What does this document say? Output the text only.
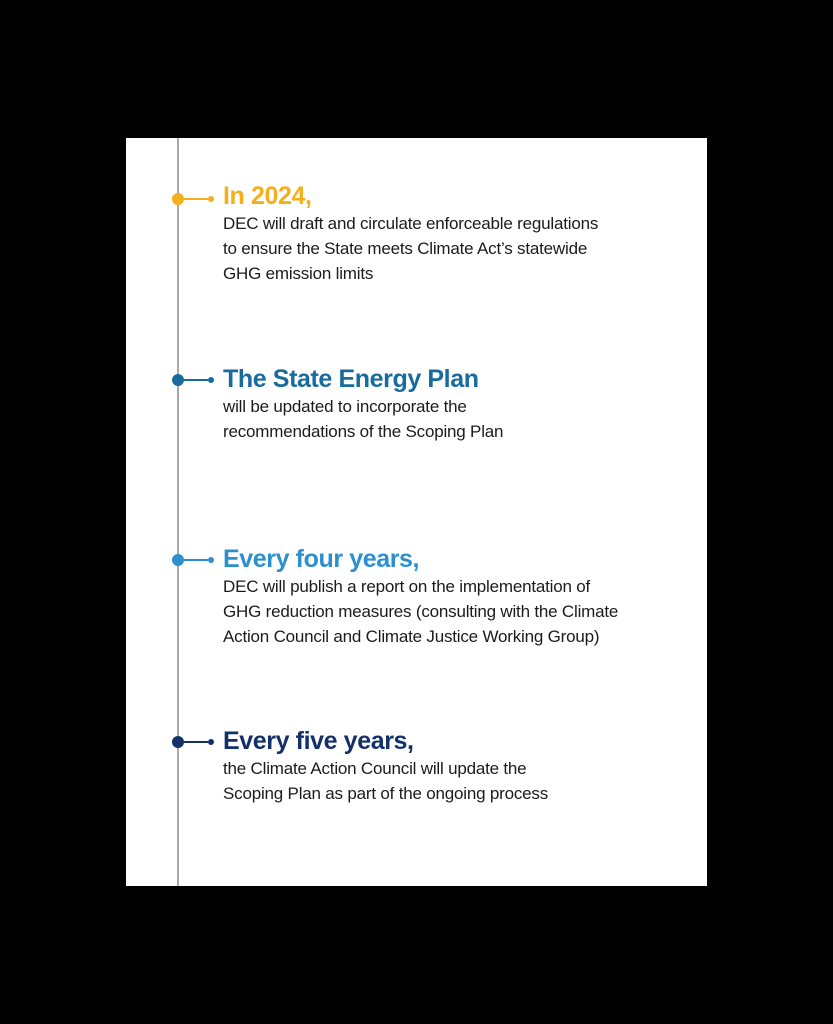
In 2024,

DEC will draft and circulate enforceable regulations
to ensure the State meets Climate Act’s statewide
GHG emission limits

The State Energy Plan

will be updated to incorporate the
recommendations of the Scoping Plan

Every four years,

DEC will publish a report on the implementation of
GHG reduction measures (consulting with the Climate
Action Council and Climate Justice Working Group)

Every five years,

the Climate Action Council will update the
Scoping Plan as part of the ongoing process
